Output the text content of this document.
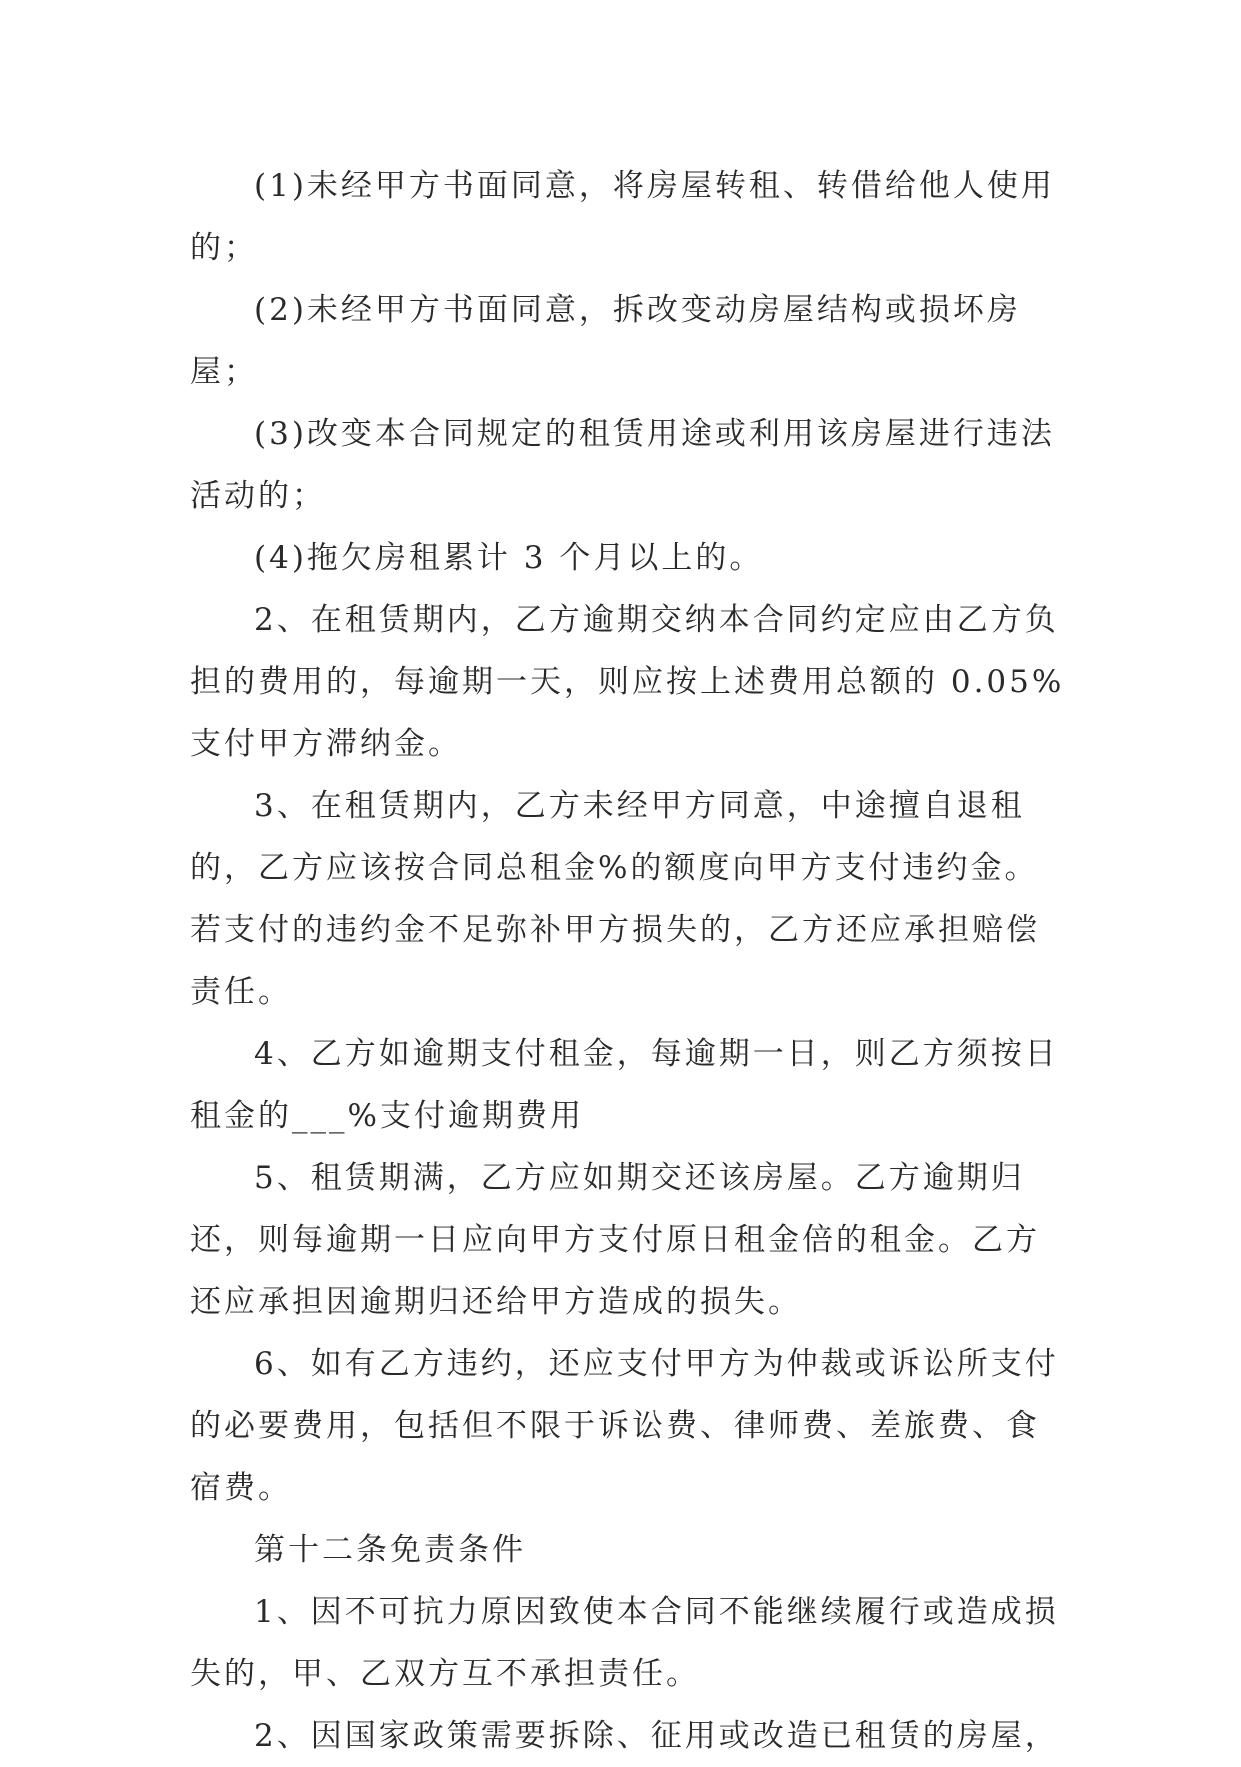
(1)未经甲方书面同意，将房屋转租、转借给他人使用的；

(2)未经甲方书面同意，拆改变动房屋结构或损坏房屋；

(3)改变本合同规定的租赁用途或利用该房屋进行违法活动的；

(4)拖欠房租累计 3 个月以上的。

2、在租赁期内，乙方逾期交纳本合同约定应由乙方负担的费用的，每逾期一天，则应按上述费用总额的 0.05%支付甲方滞纳金。

3、在租赁期内，乙方未经甲方同意，中途擅自退租的，乙方应该按合同总租金%的额度向甲方支付违约金。若支付的违约金不足弥补甲方损失的，乙方还应承担赔偿责任。

4、乙方如逾期支付租金，每逾期一日，则乙方须按日租金的___%支付逾期费用

5、租赁期满，乙方应如期交还该房屋。乙方逾期归还，则每逾期一日应向甲方支付原日租金倍的租金。乙方还应承担因逾期归还给甲方造成的损失。

6、如有乙方违约，还应支付甲方为仲裁或诉讼所支付的必要费用，包括但不限于诉讼费、律师费、差旅费、食宿费。

第十二条免责条件

1、因不可抗力原因致使本合同不能继续履行或造成损失的，甲、乙双方互不承担责任。

2、因国家政策需要拆除、征用或改造已租赁的房屋，
